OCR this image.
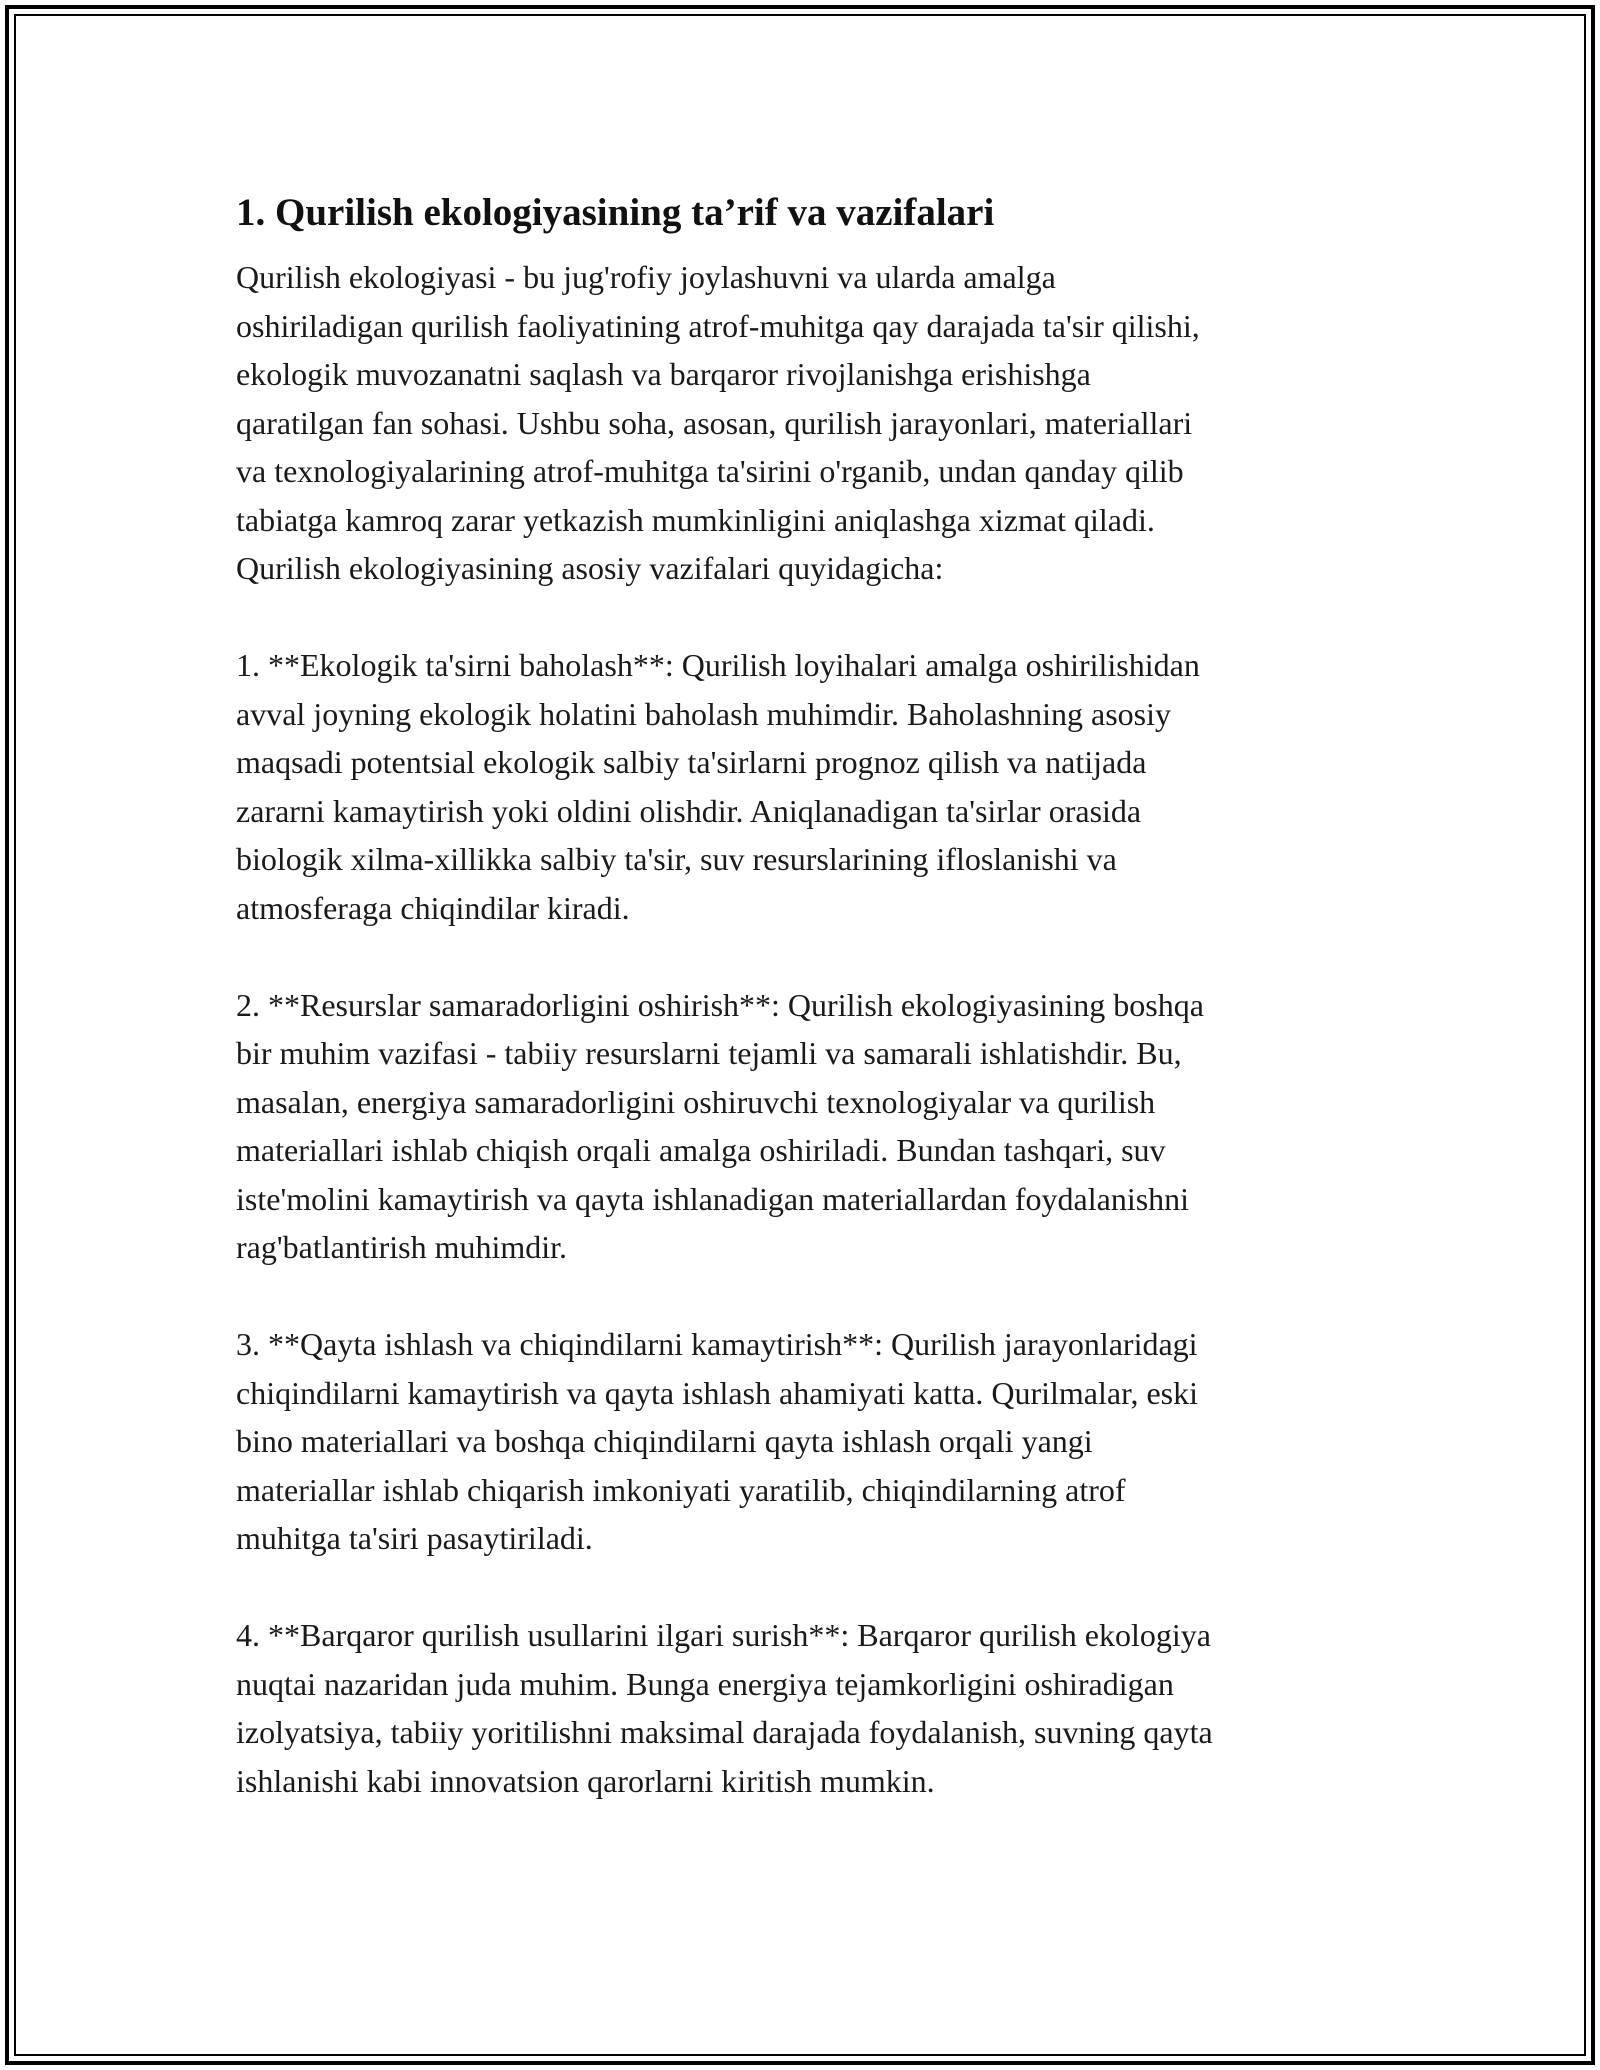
1. Qurilish ekologiyasining ta’rif va vazifalari

Qurilish ekologiyasi - bu jug'rofiy joylashuvni va ularda amalga
oshiriladigan qurilish faoliyatining atrof-muhitga qay darajada ta'sir qilishi,
ekologik muvozanatni saqlash va barqaror rivojlanishga erishishga
qaratilgan fan sohasi. Ushbu soha, asosan, qurilish jarayonlari, materiallari
va texnologiyalarining atrof-muhitga ta'sirini o'rganib, undan qanday qilib
tabiatga kamroq zarar yetkazish mumkinligini aniqlashga xizmat qiladi.
Qurilish ekologiyasining asosiy vazifalari quyidagicha:

1. **Ekologik ta'sirni baholash**: Qurilish loyihalari amalga oshirilishidan
avval joyning ekologik holatini baholash muhimdir. Baholashning asosiy
maqsadi potentsial ekologik salbiy ta'sirlarni prognoz qilish va natijada
zararni kamaytirish yoki oldini olishdir. Aniqlanadigan ta'sirlar orasida
biologik xilma-xillikka salbiy ta'sir, suv resurslarining ifloslanishi va
atmosferaga chiqindilar kiradi.

2. **Resurslar samaradorligini oshirish**: Qurilish ekologiyasining boshqa
bir muhim vazifasi - tabiiy resurslarni tejamli va samarali ishlatishdir. Bu,
masalan, energiya samaradorligini oshiruvchi texnologiyalar va qurilish
materiallari ishlab chiqish orqali amalga oshiriladi. Bundan tashqari, suv
iste'molini kamaytirish va qayta ishlanadigan materiallardan foydalanishni
rag'batlantirish muhimdir.

3. **Qayta ishlash va chiqindilarni kamaytirish**: Qurilish jarayonlaridagi
chiqindilarni kamaytirish va qayta ishlash ahamiyati katta. Qurilmalar, eski
bino materiallari va boshqa chiqindilarni qayta ishlash orqali yangi
materiallar ishlab chiqarish imkoniyati yaratilib, chiqindilarning atrof
muhitga ta'siri pasaytiriladi.

4. **Barqaror qurilish usullarini ilgari surish**: Barqaror qurilish ekologiya
nuqtai nazaridan juda muhim. Bunga energiya tejamkorligini oshiradigan
izolyatsiya, tabiiy yoritilishni maksimal darajada foydalanish, suvning qayta
ishlanishi kabi innovatsion qarorlarni kiritish mumkin.
